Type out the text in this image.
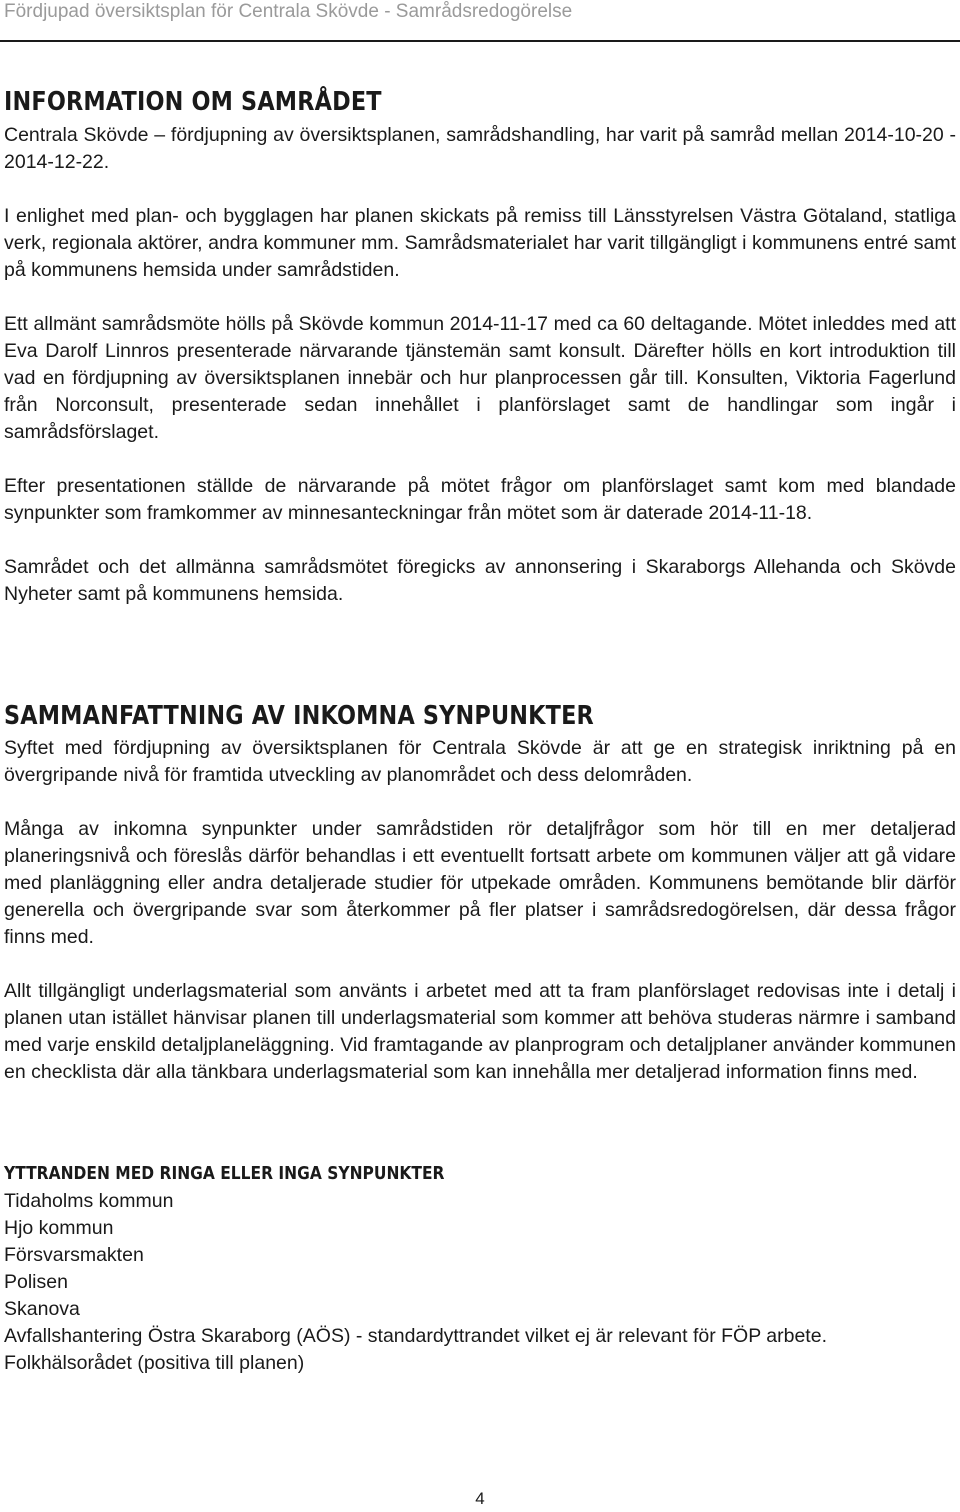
Fördjupad översiktsplan för Centrala Skövde - Samrådsredogörelse
INFORMATION OM SAMRÅDET

Centrala Skövde – fördjupning av översiktsplanen, samrådshandling, har varit på samråd mellan 2014-10-20 - 2014-12-22.

I enlighet med plan- och bygglagen har planen skickats på remiss till Länsstyrelsen Västra Götaland, statliga verk, regionala aktörer, andra kommuner mm. Samrådsmaterialet har varit tillgängligt i kommunens entré samt på kommunens hemsida under samrådstiden.

Ett allmänt samrådsmöte hölls på Skövde kommun 2014-11-17 med ca 60 deltagande. Mötet inleddes med att Eva Darolf Linnros presenterade närvarande tjänstemän samt konsult. Därefter hölls en kort introduktion till vad en fördjupning av översiktsplanen innebär och hur planprocessen går till. Konsulten, Viktoria Fagerlund från Norconsult, presenterade sedan innehållet i planförslaget samt de handlingar som ingår i samrådsförslaget.

Efter presentationen ställde de närvarande på mötet frågor om planförslaget samt kom med blandade synpunkter som framkommer av minnesanteckningar från mötet som är daterade 2014-11-18.

Samrådet och det allmänna samrådsmötet föregicks av annonsering i Skaraborgs Allehanda och Skövde Nyheter samt på kommunens hemsida.

SAMMANFATTNING AV INKOMNA SYNPUNKTER

Syftet med fördjupning av översiktsplanen för Centrala Skövde är att ge en strategisk inriktning på en övergripande nivå för framtida utveckling av planområdet och dess delområden.

Många av inkomna synpunkter under samrådstiden rör detaljfrågor som hör till en mer detaljerad planeringsnivå och föreslås därför behandlas i ett eventuellt fortsatt arbete om kommunen väljer att gå vidare med planläggning eller andra detaljerade studier för utpekade områden. Kommunens bemötande blir därför generella och övergripande svar som återkommer på fler platser i samrådsredogörelsen, där dessa frågor finns med.

Allt tillgängligt underlagsmaterial som använts i arbetet med att ta fram planförslaget redovisas inte i detalj i planen utan istället hänvisar planen till underlagsmaterial som kommer att behöva studeras närmre i samband med varje enskild detaljplaneläggning. Vid framtagande av planprogram och detaljplaner använder kommunen en checklista där alla tänkbara underlagsmaterial som kan innehålla mer detaljerad information finns med.

YTTRANDEN MED RINGA ELLER INGA SYNPUNKTER

Tidaholms kommun

Hjo kommun

Försvarsmakten

Polisen

Skanova

Avfallshantering Östra Skaraborg (AÖS) - standardyttrandet vilket ej är relevant för FÖP arbete.

Folkhälsorådet (positiva till planen)

4
